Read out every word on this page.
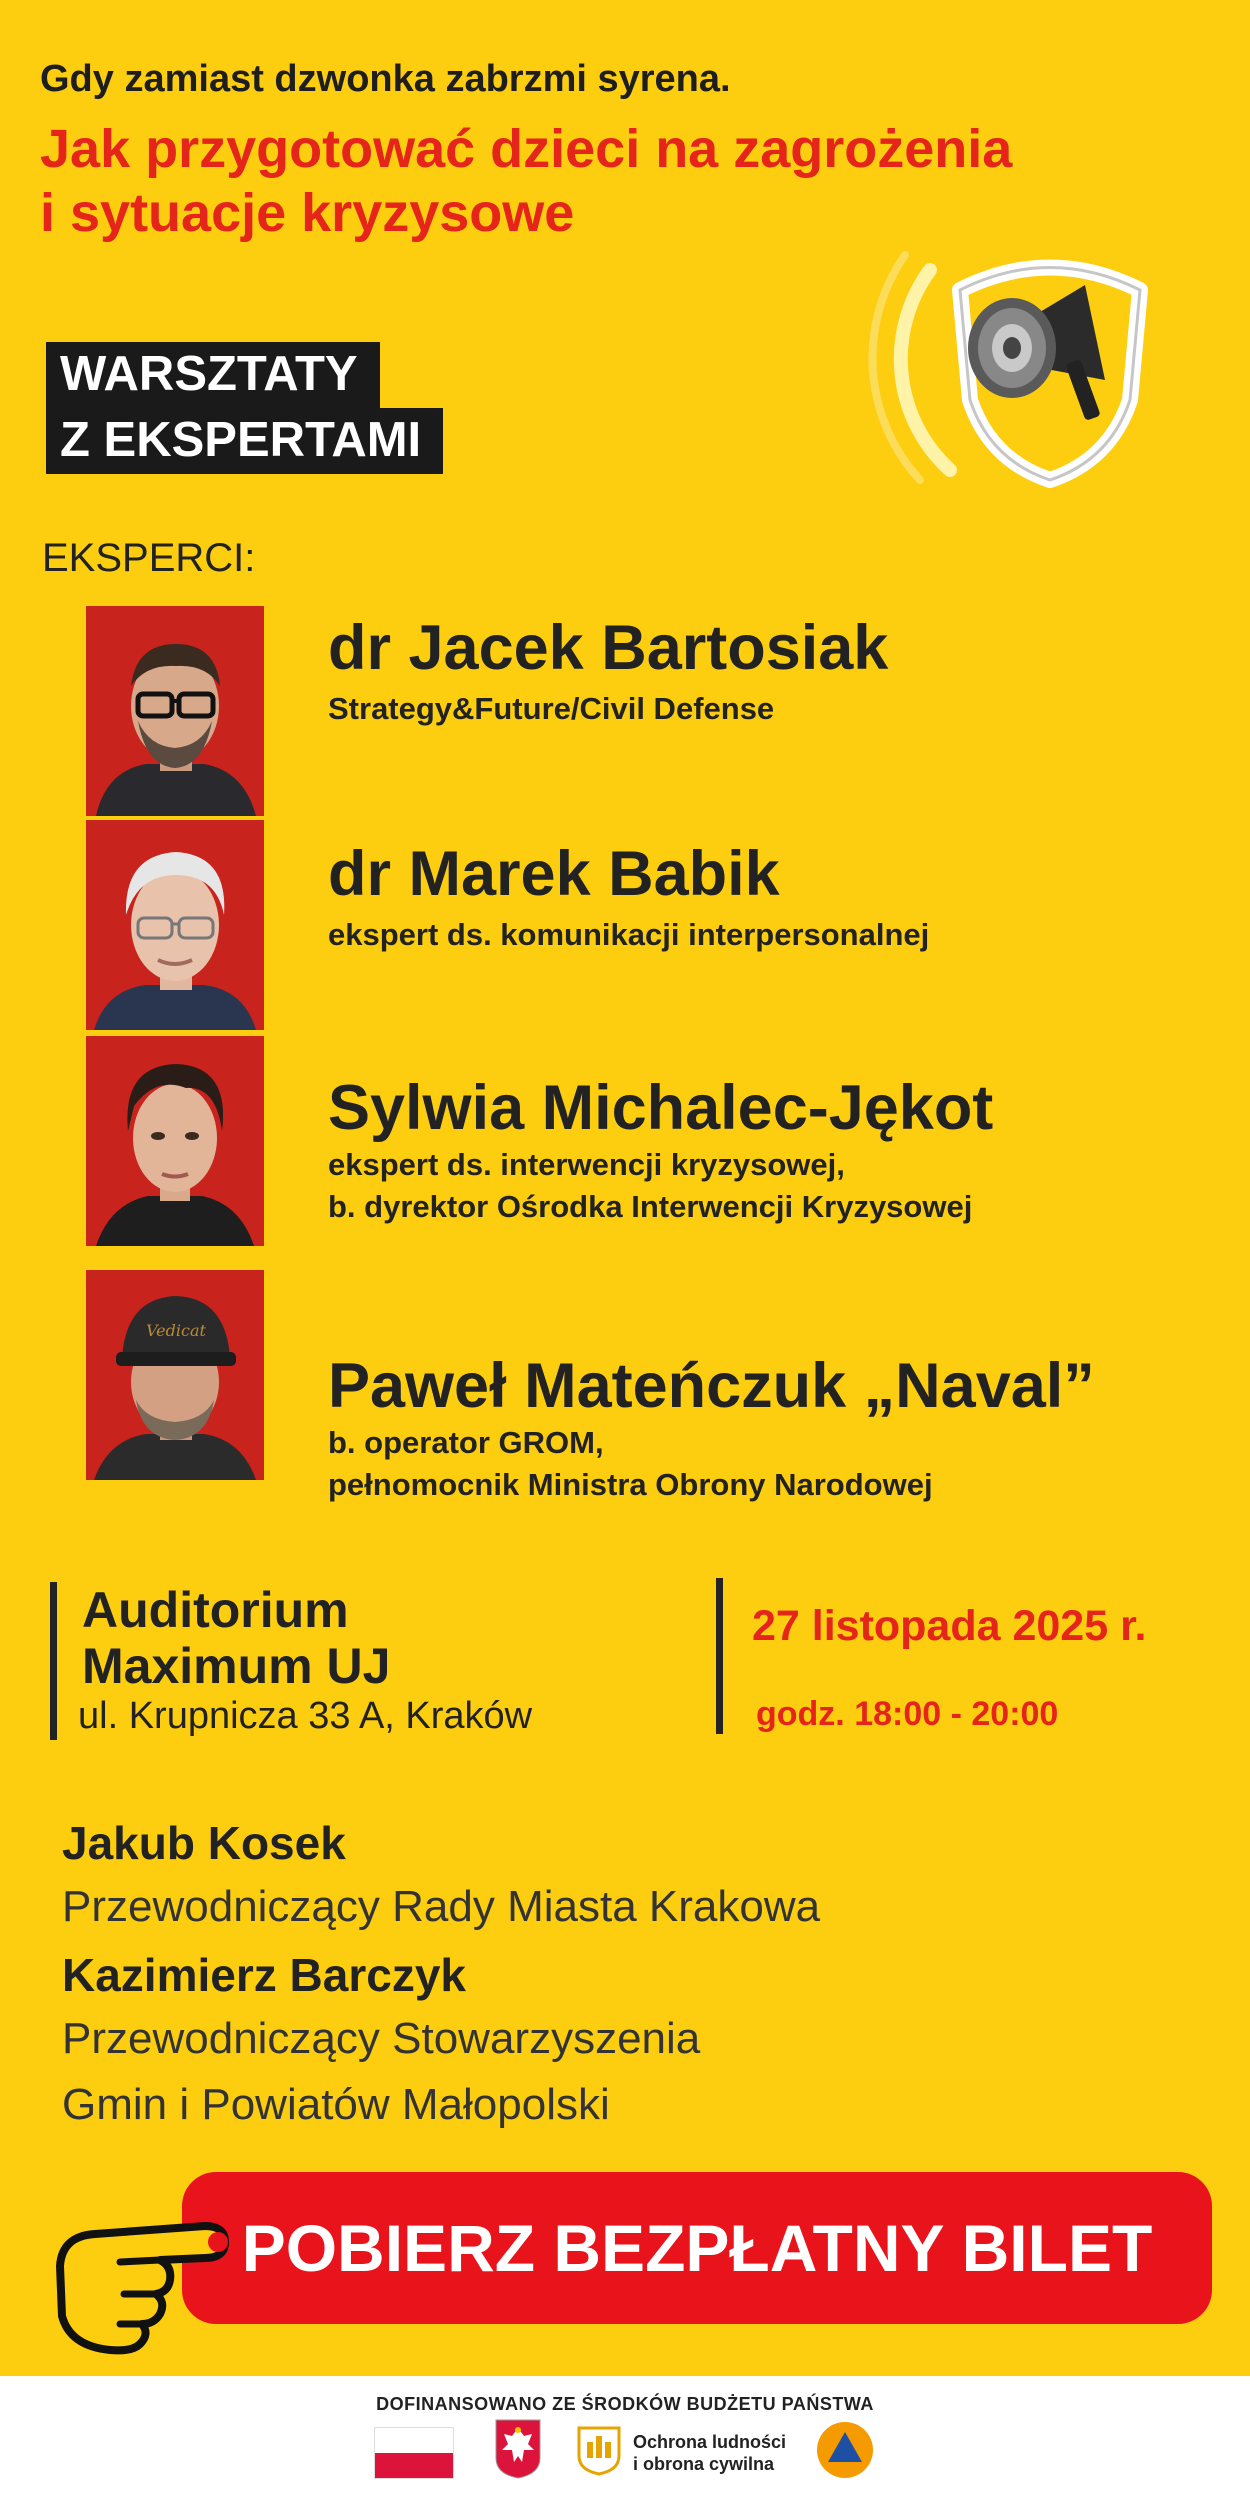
Gdy zamiast dzwonka zabrzmi syrena.
Jak przygotować dzieci na zagrożenia
i sytuacje kryzysowe
WARSZTATY
Z EKSPERTAMI
EKSPERCI:
dr Jacek Bartosiak
Strategy&Future/Civil Defense
dr Marek Babik
ekspert ds. komunikacji interpersonalnej
Sylwia Michalec-Jękot
ekspert ds. interwencji kryzysowej,
b. dyrektor Ośrodka Interwencji Kryzysowej
Vedicat
Paweł Mateńczuk „Naval”
b. operator GROM,
pełnomocnik Ministra Obrony Narodowej
Auditorium
Maximum UJ
ul. Krupnicza 33 A, Kraków
27 listopada 2025 r.
godz. 18:00 - 20:00
Jakub Kosek
Przewodniczący Rady Miasta Krakowa
Kazimierz Barczyk
Przewodniczący Stowarzyszenia
Gmin i Powiatów Małopolski
POBIERZ BEZPŁATNY BILET
DOFINANSOWANO ZE ŚRODKÓW BUDŻETU PAŃSTWA
Ochrona ludności
i obrona cywilna
